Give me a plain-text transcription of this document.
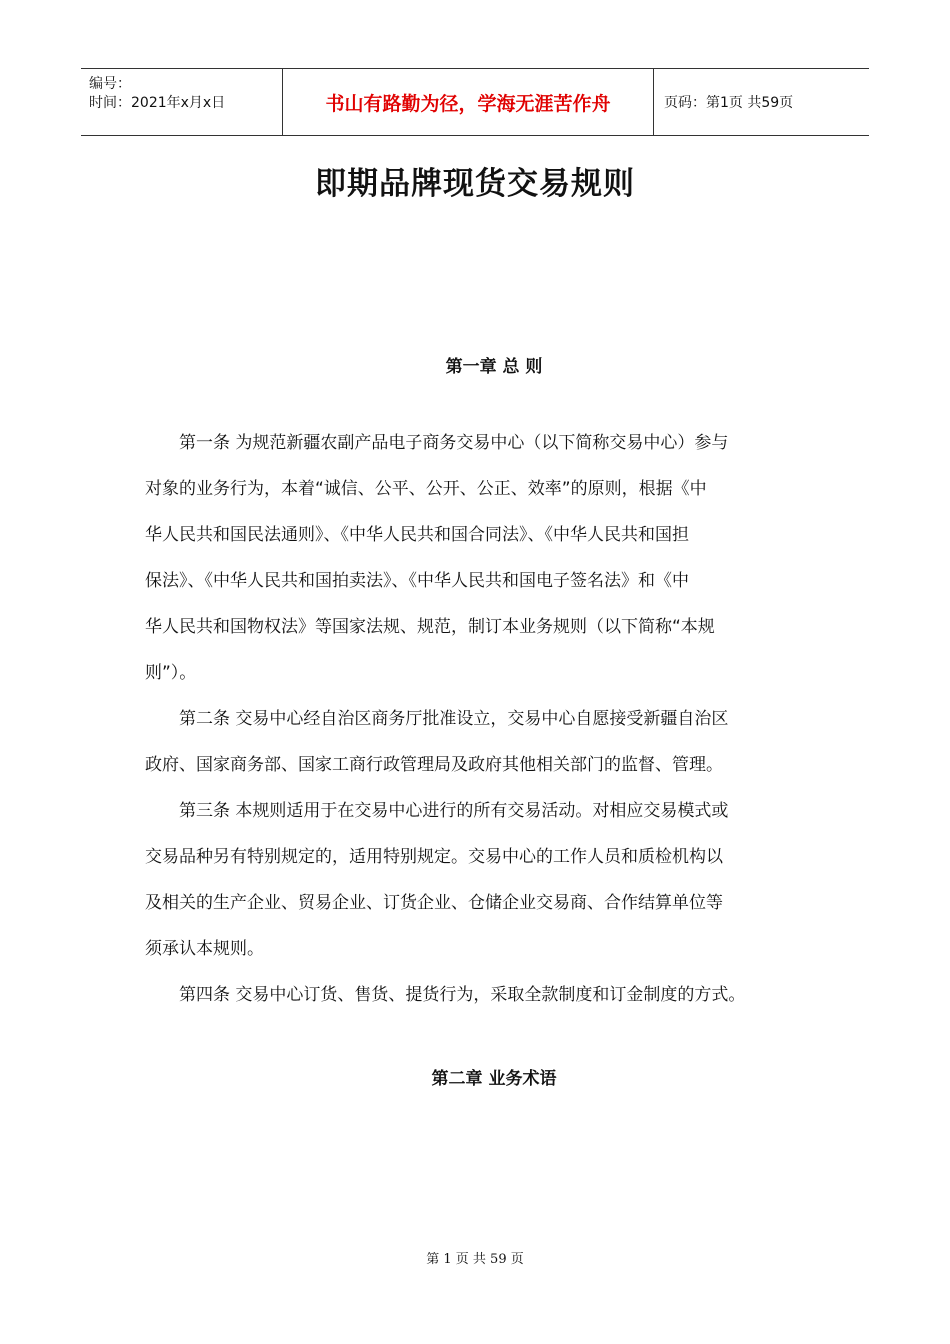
编号：
时间：2021年x月x日	书山有路勤为径，学海无涯苦作舟	页码：第1页 共59页
即期品牌现货交易规则
第一章 总 则
　　第一条 为规范新疆农副产品电子商务交易中心（以下简称交易中心）参与
对象的业务行为，本着“诚信、公平、公开、公正、效率”的原则，根据《中
华人民共和国民法通则》、《中华人民共和国合同法》、《中华人民共和国担
保法》、《中华人民共和国拍卖法》、《中华人民共和国电子签名法》和《中
华人民共和国物权法》等国家法规、规范，制订本业务规则（以下简称“本规
则”）。
　　第二条 交易中心经自治区商务厅批准设立，交易中心自愿接受新疆自治区
政府、国家商务部、国家工商行政管理局及政府其他相关部门的监督、管理。
　　第三条 本规则适用于在交易中心进行的所有交易活动。对相应交易模式或
交易品种另有特别规定的，适用特别规定。交易中心的工作人员和质检机构以
及相关的生产企业、贸易企业、订货企业、仓储企业交易商、合作结算单位等
须承认本规则。
　　第四条 交易中心订货、售货、提货行为，采取全款制度和订金制度的方式。
第二章 业务术语
第 1 页 共 59 页
